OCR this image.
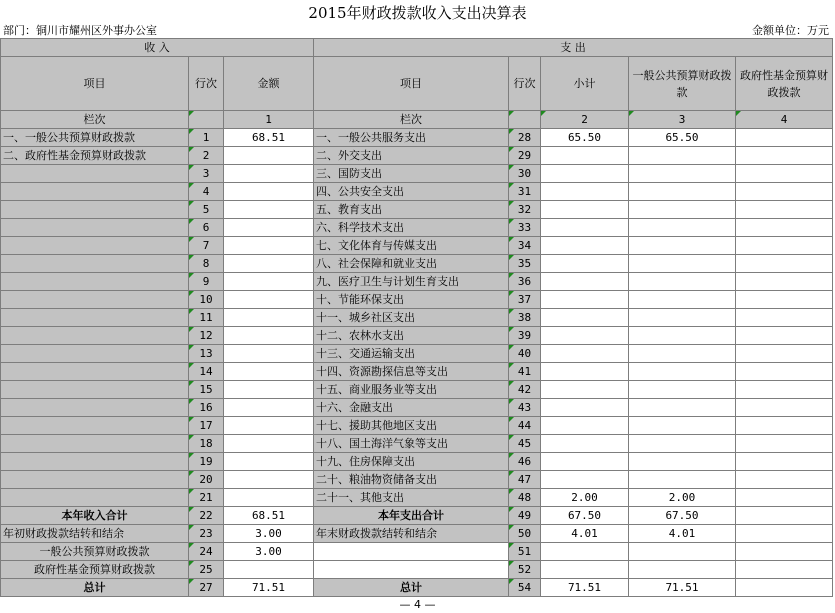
2015年财政拨款收入支出决算表
部门：铜川市耀州区外事办公室	金额单位：万元
收 入			支 出				
项目	行次	金额	项目	行次	小计	一般公共预算财政拨款	政府性基金预算财政拨款
栏次		1	栏次		2	3	4
一、一般公共预算财政拨款	1	68.51	一、一般公共服务支出	28	65.50	65.50	
二、政府性基金预算财政拨款	2		二、外交支出	29			
	3		三、国防支出	30			
	4		四、公共安全支出	31			
	5		五、教育支出	32			
	6		六、科学技术支出	33			
	7		七、文化体育与传媒支出	34			
	8		八、社会保障和就业支出	35			
	9		九、医疗卫生与计划生育支出	36			
	10		十、节能环保支出	37			
	11		十一、城乡社区支出	38			
	12		十二、农林水支出	39			
	13		十三、交通运输支出	40			
	14		十四、资源勘探信息等支出	41			
	15		十五、商业服务业等支出	42			
	16		十六、金融支出	43			
	17		十七、援助其他地区支出	44			
	18		十八、国土海洋气象等支出	45			
	19		十九、住房保障支出	46			
	20		二十、粮油物资储备支出	47			
	21		二十一、其他支出	48	2.00	2.00	
本年收入合计	22	68.51	本年支出合计	49	67.50	67.50	
年初财政拨款结转和结余	23	3.00	年末财政拨款结转和结余	50	4.01	4.01	
一般公共预算财政拨款	24	3.00		51			
政府性基金预算财政拨款	25			52			
总计	27	71.51	总计	54	71.51	71.51	
— 4 —
